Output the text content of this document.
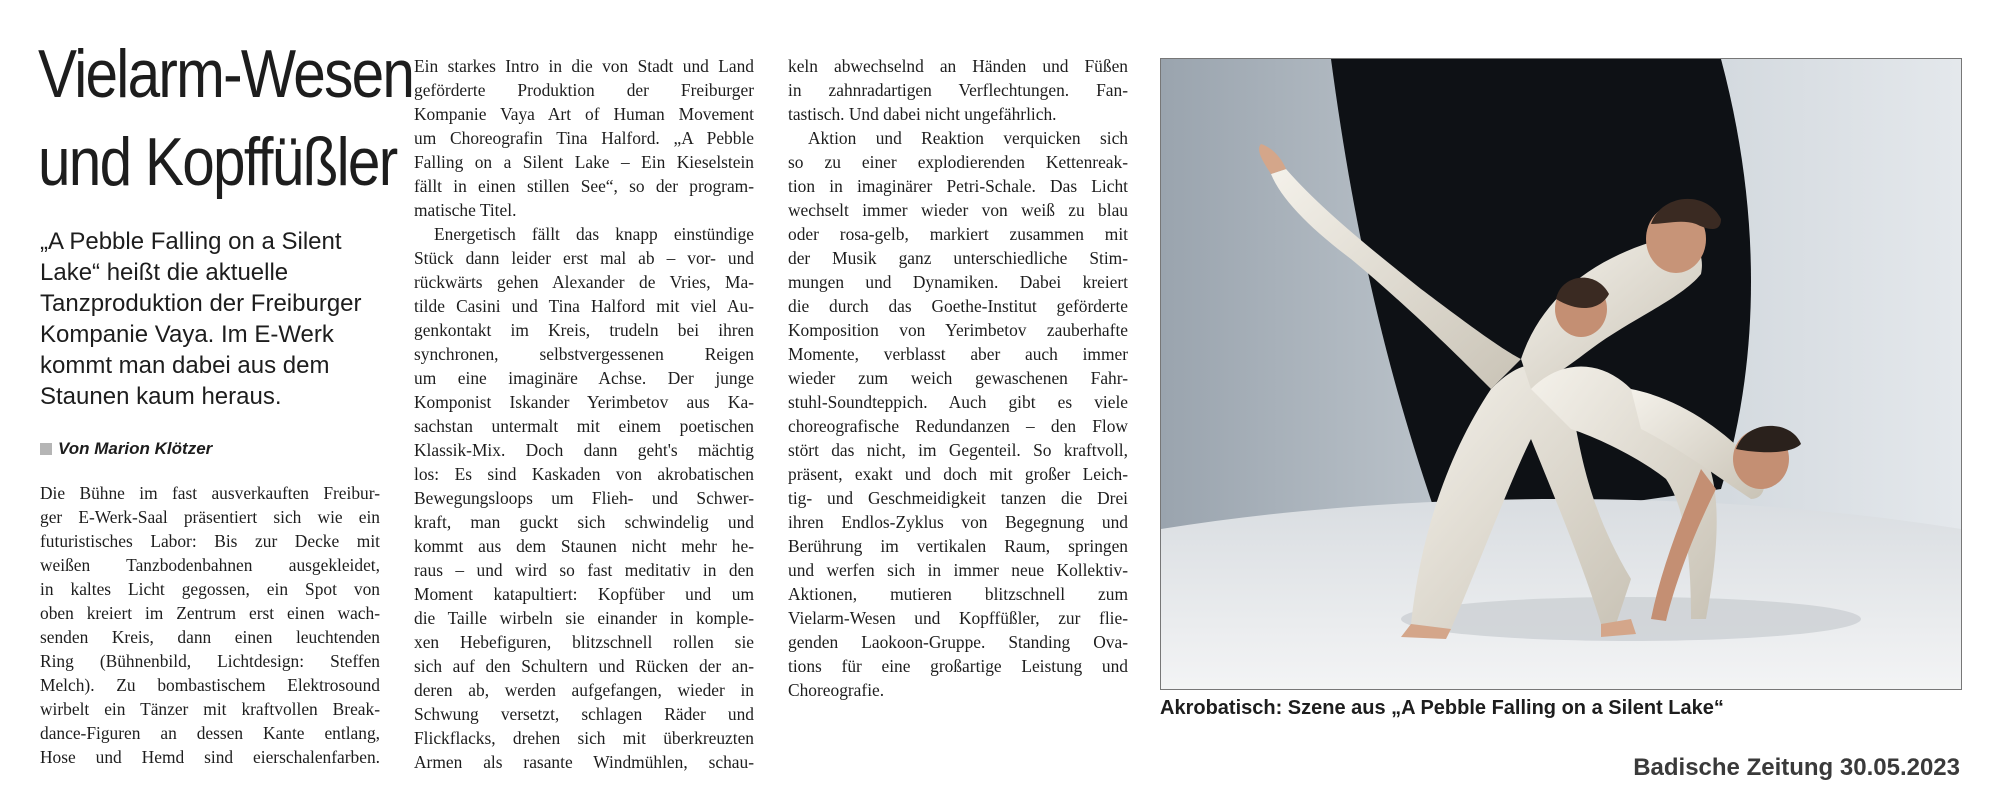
Vielarm-Wesen
und Kopffüßler
„A Pebble Falling on a Silent
Lake“ heißt die aktuelle
Tanzproduktion der Freiburger
Kompanie Vaya. Im E-Werk
kommt man dabei aus dem
Staunen kaum heraus.
Von Marion Klötzer
Die Bühne im fast ausverkauften Freibur-
ger E-Werk-Saal präsentiert sich wie ein
futuristisches Labor: Bis zur Decke mit
weißen Tanzbodenbahnen ausgekleidet,
in kaltes Licht gegossen, ein Spot von
oben kreiert im Zentrum erst einen wach-
senden Kreis, dann einen leuchtenden
Ring (Bühnenbild, Lichtdesign: Steffen
Melch). Zu bombastischem Elektrosound
wirbelt ein Tänzer mit kraftvollen Break-
dance-Figuren an dessen Kante entlang,
Hose und Hemd sind eierschalenfarben.
Ein starkes Intro in die von Stadt und Land
geförderte Produktion der Freiburger
Kompanie Vaya Art of Human Movement
um Choreografin Tina Halford. „A Pebble
Falling on a Silent Lake – Ein Kieselstein
fällt in einen stillen See“, so der program-
matische Titel.
Energetisch fällt das knapp einstündige
Stück dann leider erst mal ab – vor- und
rückwärts gehen Alexander de Vries, Ma-
tilde Casini und Tina Halford mit viel Au-
genkontakt im Kreis, trudeln bei ihren
synchronen, selbstvergessenen Reigen
um eine imaginäre Achse. Der junge
Komponist Iskander Yerimbetov aus Ka-
sachstan untermalt mit einem poetischen
Klassik-Mix. Doch dann geht's mächtig
los: Es sind Kaskaden von akrobatischen
Bewegungsloops um Flieh- und Schwer-
kraft, man guckt sich schwindelig und
kommt aus dem Staunen nicht mehr he-
raus – und wird so fast meditativ in den
Moment katapultiert: Kopfüber und um
die Taille wirbeln sie einander in komple-
xen Hebefiguren, blitzschnell rollen sie
sich auf den Schultern und Rücken der an-
deren ab, werden aufgefangen, wieder in
Schwung versetzt, schlagen Räder und
Flickflacks, drehen sich mit überkreuzten
Armen als rasante Windmühlen, schau-
keln abwechselnd an Händen und Füßen
in zahnradartigen Verflechtungen. Fan-
tastisch. Und dabei nicht ungefährlich.
Aktion und Reaktion verquicken sich
so zu einer explodierenden Kettenreak-
tion in imaginärer Petri-Schale. Das Licht
wechselt immer wieder von weiß zu blau
oder rosa-gelb, markiert zusammen mit
der Musik ganz unterschiedliche Stim-
mungen und Dynamiken. Dabei kreiert
die durch das Goethe-Institut geförderte
Komposition von Yerimbetov zauberhafte
Momente, verblasst aber auch immer
wieder zum weich gewaschenen Fahr-
stuhl-Soundteppich. Auch gibt es viele
choreografische Redundanzen – den Flow
stört das nicht, im Gegenteil. So kraftvoll,
präsent, exakt und doch mit großer Leich-
tig- und Geschmeidigkeit tanzen die Drei
ihren Endlos-Zyklus von Begegnung und
Berührung im vertikalen Raum, springen
und werfen sich in immer neue Kollektiv-
Aktionen, mutieren blitzschnell zum
Vielarm-Wesen und Kopffüßler, zur flie-
genden Laokoon-Gruppe. Standing Ova-
tions für eine großartige Leistung und
Choreografie.
Akrobatisch: Szene aus „A Pebble Falling on a Silent Lake“
Badische Zeitung 30.05.2023
